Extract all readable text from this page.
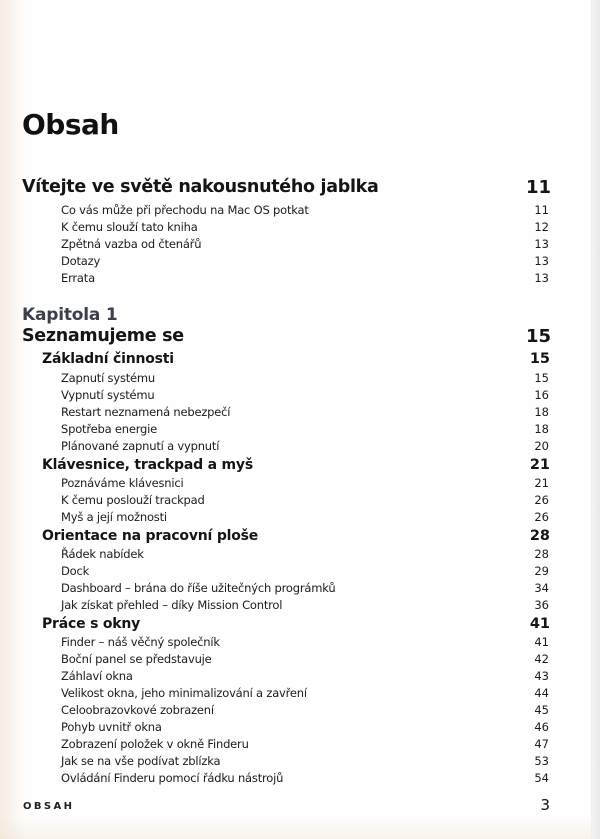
Obsah
Vítejte ve světě nakousnutého jablka	11
Co vás může při přechodu na Mac OS potkat	11
K čemu slouží tato kniha	12
Zpětná vazba od čtenářů	13
Dotazy	13
Errata	13
Kapitola 1
Seznamujeme se	15
Základní činnosti	15
Zapnutí systému	15
Vypnutí systému	16
Restart neznamená nebezpečí	18
Spotřeba energie	18
Plánované zapnutí a vypnutí	20
Klávesnice, trackpad a myš	21
Poznáváme klávesnici	21
K čemu poslouží trackpad	26
Myš a její možnosti	26
Orientace na pracovní ploše	28
Řádek nabídek	28
Dock	29
Dashboard – brána do říše užitečných prográmků	34
Jak získat přehled – díky Mission Control	36
Práce s okny	41
Finder – náš věčný společník	41
Boční panel se představuje	42
Záhlaví okna	43
Velikost okna, jeho minimalizování a zavření	44
Celoobrazovkové zobrazení	45
Pohyb uvnitř okna	46
Zobrazení položek v okně Finderu	47
Jak se na vše podívat zblízka	53
Ovládání Finderu pomocí řádku nástrojů	54
OBSAH	3
